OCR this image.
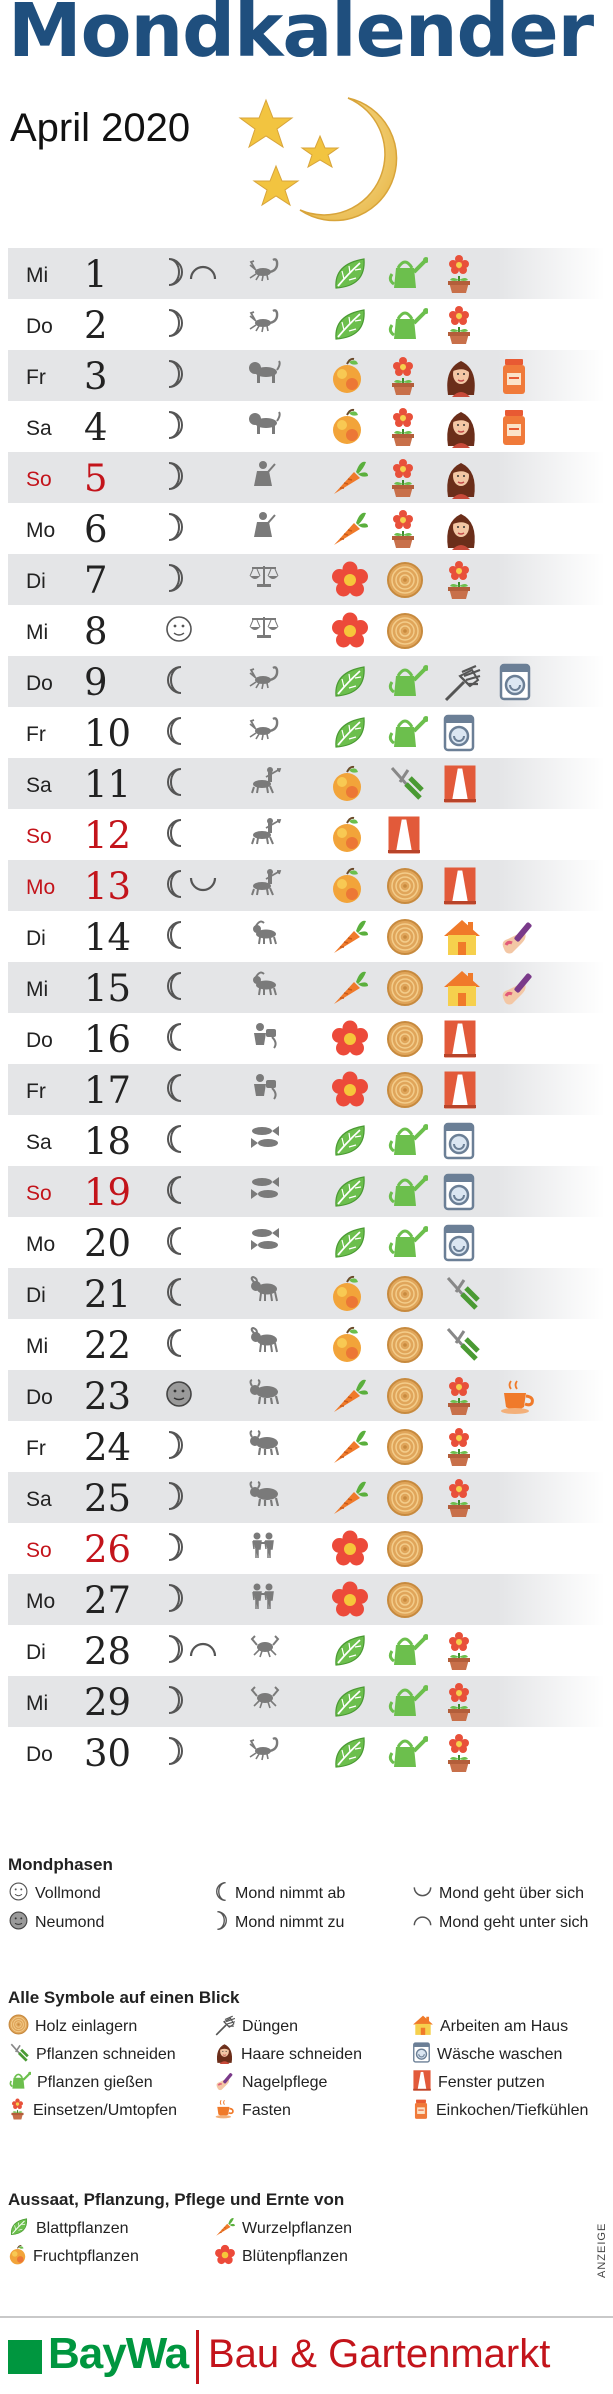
Mondkalender
April 2020
Mi 1
Do 2
Fr	3
Sa 4
So 5
Mo 6
Di	7
Mi 8
Do 9
Fr	10
Sa 11
So 12
Mo 13
Di	14
Mi 15
Do 16
Fr	17
Sa 18
So 19
Mo 20
Di	21
Mi 22
Do 23
Fr	24
Sa 25
So 26
Mo 27
Di	28
Mi 29
Do 30
Mondphasen
Vollmond	Mond nimmt ab	Mond geht über sich
Neumond	Mond nimmt zu	Mond geht unter sich
Alle Symbole auf einen Blick
Holz einlagern	Düngen	Arbeiten am Haus
Pflanzen schneiden	Haare schneiden	Wäsche waschen
Pflanzen gießen	Nagelpflege	Fenster putzen
Einsetzen/Umtopfen	Fasten	Einkochen/Tiefkühlen
Aussaat, Pflanzung, Pflege und Ernte von
Blattpflanzen	Wurzelpflanzen
Fruchtpflanzen	Blütenpflanzen	ANZEIGE
BayWa Bau & Gartenmarkt
